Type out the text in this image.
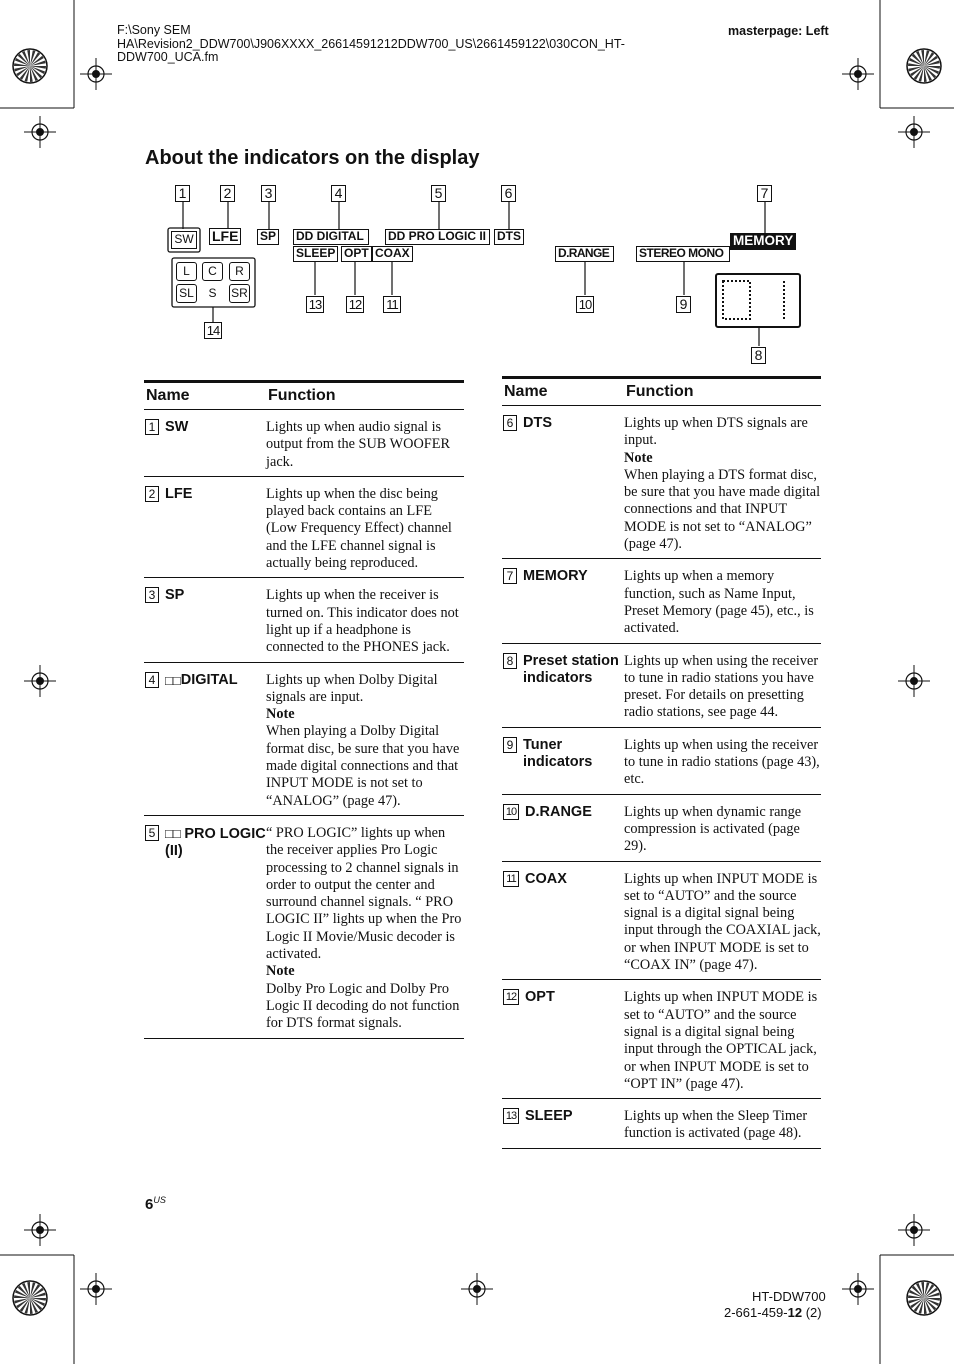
F:\Sony SEM
HA\Revision2_DDW700\J906XXXX_26614591212DDW700_US\2661459122\030CON_HT-
DDW700_UCA.fm
masterpage: Left
About the indicators on the display
1	2 3	4	5	6	7
8
9
10
11
12
13
14
SW LFE SP DD DIGITAL	DD PRO LOGIC II DTS
SLEEP OPT COAX	D.RANGE	STEREO MONO
MEMORY
L	C	R
SL	S	SR
Name	Function

1 SW	Lights up when audio signal is output from the SUB WOOFER jack.

2 LFE	Lights up when the disc being played back contains an LFE (Low Frequency Effect) channel and the LFE channel signal is actually being reproduced.

3 SP	Lights up when the receiver is turned on. This indicator does not light up if a headphone is connected to the PHONES jack.

4 □□ DIGITAL	Lights up when Dolby Digital signals are input.
Note
When playing a Dolby Digital format disc, be sure that you have made digital connections and that INPUT MODE is not set to “ANALOG” (page 47).

5 □□ PRO LOGIC (II)	“ PRO LOGIC” lights up when the receiver applies Pro Logic processing to 2 channel signals in order to output the center and surround channel signals. “ PRO LOGIC II” lights up when the Pro Logic II Movie/Music decoder is activated.
Note
Dolby Pro Logic and Dolby Pro Logic II decoding do not function for DTS format signals.
Name	Function

6 DTS	Lights up when DTS signals are input.
Note
When playing a DTS format disc, be sure that you have made digital connections and that INPUT MODE is not set to “ANALOG” (page 47).

7 MEMORY	Lights up when a memory function, such as Name Input, Preset Memory (page 45), etc., is activated.

8 Preset station indicators	Lights up when using the receiver to tune in radio stations you have preset. For details on presetting radio stations, see page 44.

9 Tuner indicators	Lights up when using the receiver to tune in radio stations (page 43), etc.

10 D.RANGE	Lights up when dynamic range compression is activated (page 29).

11 COAX	Lights up when INPUT MODE is set to “AUTO” and the source signal is a digital signal being input through the COAXIAL jack, or when INPUT MODE is set to “COAX IN” (page 47).

12 OPT	Lights up when INPUT MODE is set to “AUTO” and the source signal is a digital signal being input through the OPTICAL jack, or when INPUT MODE is set to “OPT IN” (page 47).

13 SLEEP	Lights up when the Sleep Timer function is activated (page 48).
$6^{US}$
HT-DDW700
2-661-459-12 (2)
